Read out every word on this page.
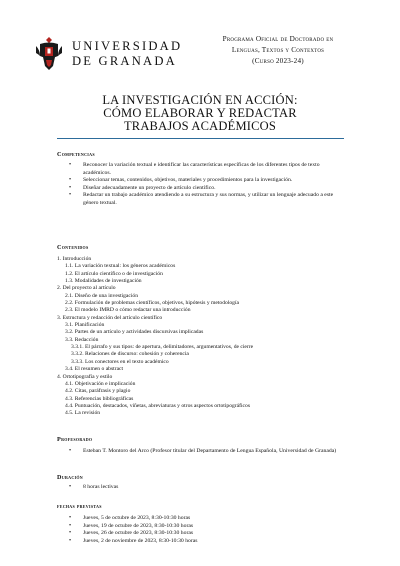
UNIVERSIDAD
DE GRANADA
Programa Oficial de Doctorado en
Lenguas, Textos y Contextos
(Curso 2023-24)
LA INVESTIGACIÓN EN ACCIÓN:
CÓMO ELABORAR Y REDACTAR
TRABAJOS ACADÉMICOS
Competencias
• Reconocer la variación textual e identificar las características específicas de los diferentes tipos de texto académicos.
• Seleccionar temas, contenidos, objetivos, materiales y procedimientos para la investigación.
• Diseñar adecuadamente un proyecto de artículo científico.
• Redactar un trabajo académico atendiendo a su estructura y sus normas, y utilizar un lenguaje adecuado a este género textual.
Contenidos
1. Introducción
1.1. La variación textual: los géneros académicos
1.2. El artículo científico o de investigación
1.3. Modalidades de investigación
2. Del proyecto al artículo
2.1. Diseño de una investigación
2.2. Formulación de problemas científicos, objetivos, hipótesis y metodología
2.3. El modelo IMRD o cómo redactar una introducción
3. Estructura y redacción del artículo científico
3.1. Planificación
3.2. Partes de un artículo y actividades discursivas implicadas
3.3. Redacción
3.3.1. El párrafo y sus tipos: de apertura, delimitadores, argumentativos, de cierre
3.3.2. Relaciones de discurso: cohesión y coherencia
3.3.3. Los conectores en el texto académico
3.4. El resumen o abstract
4. Ortotipografía y estilo
4.1. Objetivación e implicación
4.2. Citas, paráfrasis y plagio
4.3. Referencias bibliográficas
4.4. Puntuación, destacados, viñetas, abreviaturas y otros aspectos ortotipográficos
4.5. La revisión
Profesorado
• Esteban T. Montoro del Arco (Profesor titular del Departamento de Lengua Española, Universidad de Granada)
Duración
• 8 horas lectivas
fechas previstas
• Jueves, 5 de octubre de 2023, 8:30-10:30 horas
• Jueves, 19 de octubre de 2023, 8:30-10:30 horas
• Jueves, 26 de octubre de 2023, 8:30-10:30 horas
• Jueves, 2 de noviembre de 2023, 8:30-10:30 horas
